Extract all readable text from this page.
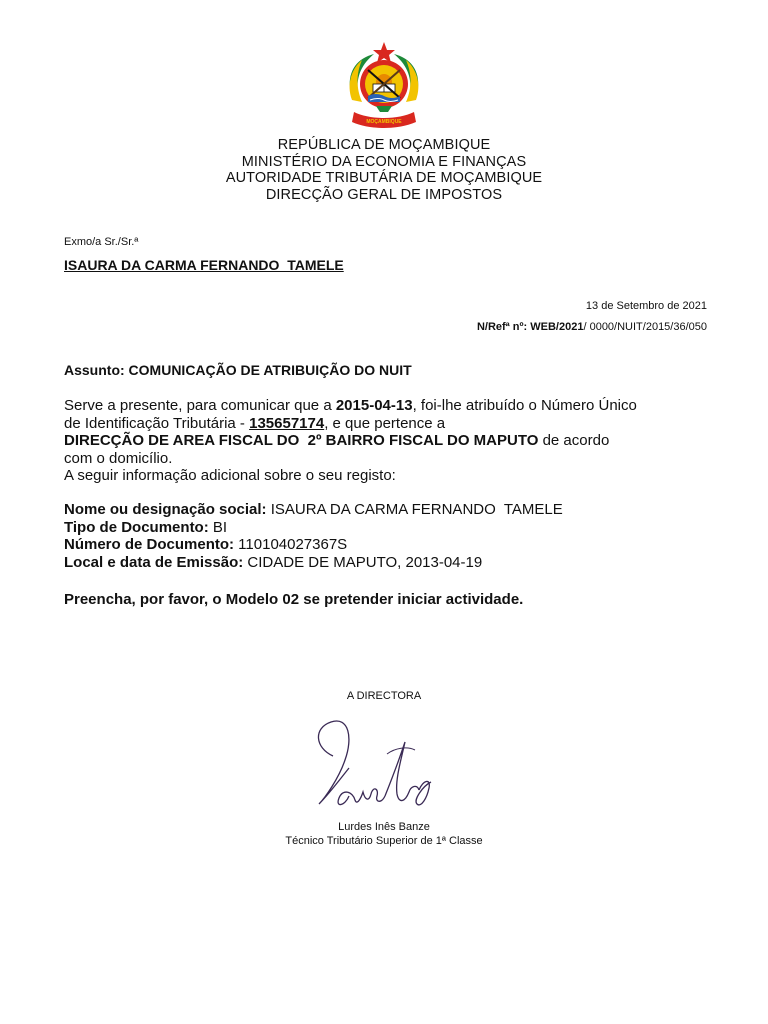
MOÇAMBIQUE
REPÚBLICA DE MOÇAMBIQUE
MINISTÉRIO DA ECONOMIA E FINANÇAS
AUTORIDADE TRIBUTÁRIA DE MOÇAMBIQUE
DIRECÇÃO GERAL DE IMPOSTOS
Exmo/a Sr./Sr.ª
ISAURA DA CARMA FERNANDO  TAMELE
13 de Setembro de 2021
N/Refª nº: WEB/2021/ 0000/NUIT/2015/36/050
Assunto: COMUNICAÇÃO DE ATRIBUIÇÃO DO NUIT
Serve a presente, para comunicar que a 2015-04-13, foi-lhe atribuído o Número Único
de Identificação Tributária - 135657174, e que pertence a
DIRECÇÃO DE AREA FISCAL DO  2º BAIRRO FISCAL DO MAPUTO de acordo
com o domicílio.
A seguir informação adicional sobre o seu registo:
Nome ou designação social: ISAURA DA CARMA FERNANDO  TAMELE
Tipo de Documento: BI
Número de Documento: 110104027367S
Local e data de Emissão: CIDADE DE MAPUTO, 2013-04-19
Preencha, por favor, o Modelo 02 se pretender iniciar actividade.
A DIRECTORA
Lurdes Inês Banze
Técnico Tributário Superior de 1ª Classe
